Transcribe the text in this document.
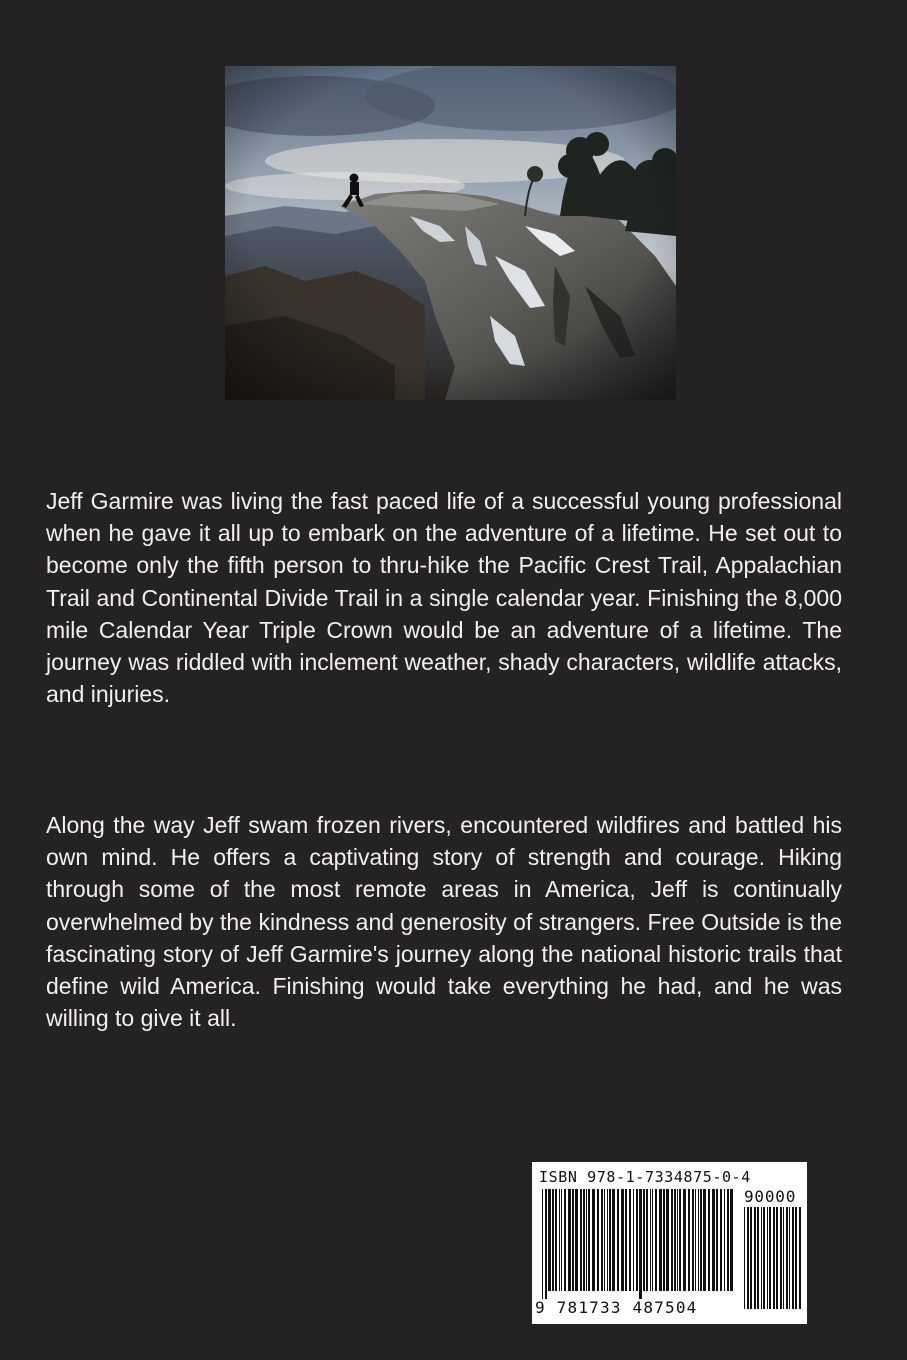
Jeff Garmire was living the fast paced life of a successful young professional when he gave it all up to embark on the adventure of a lifetime. He set out to become only the fifth person to thru-hike the Pacific Crest Trail, Appalachian Trail and Continental Divide Trail in a single calendar year. Finishing the 8,000 mile Calendar Year Triple Crown would be an adventure of a lifetime. The journey was riddled with inclement weather, shady characters, wildlife attacks, and injuries.

Along the way Jeff swam frozen rivers, encountered wildfires and battled his own mind. He offers a captivating story of strength and courage. Hiking through some of the most remote areas in America, Jeff is continually overwhelmed by the kindness and generosity of strangers. Free Outside is the fascinating story of Jeff Garmire's journey along the national historic trails that define wild America. Finishing would take everything he had, and he was willing to give it all.

ISBN 978-1-7334875-0-4
90000
9 781733 487504
